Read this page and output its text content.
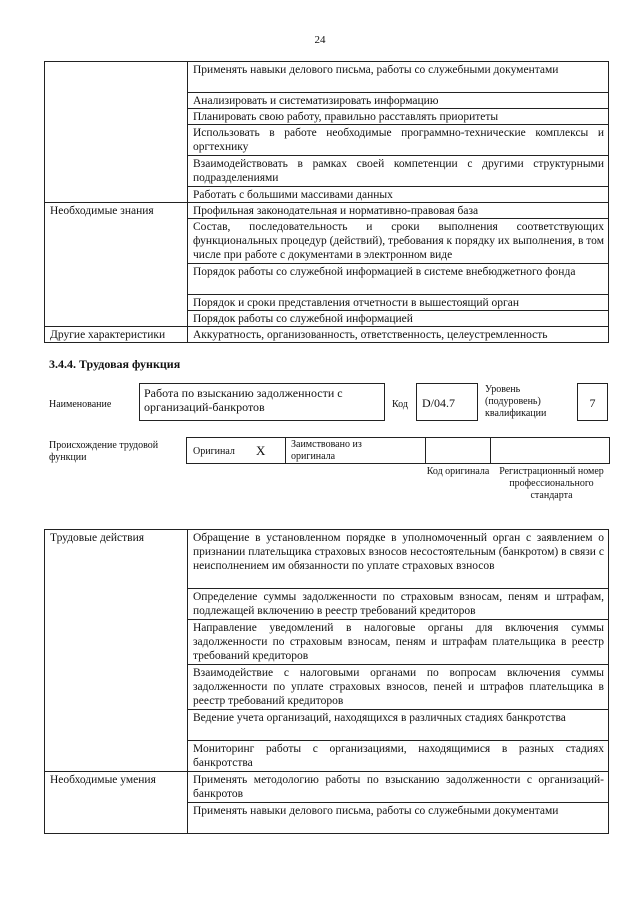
24
	Применять навыки делового письма, работы со служебными документами
	Анализировать и систематизировать информацию
	Планировать свою работу, правильно расставлять приоритеты
	Использовать в работе необходимые программно-технические комплексы и оргтехнику
	Взаимодействовать в рамках своей компетенции с другими структурными подразделениями
	Работать с большими массивами данных
Необходимые знания	Профильная законодательная и нормативно-правовая база
	Состав, последовательность и сроки выполнения соответствующих функциональных процедур (действий), требования к порядку их выполнения, в том числе при работе с документами в электронном виде
	Порядок работы со служебной информацией в системе внебюджетного фонда
	Порядок и сроки представления отчетности в вышестоящий орган
	Порядок работы со служебной информацией
Другие характеристики	Аккуратность, организованность, ответственность, целеустремленность
3.4.4. Трудовая функция
Наименование
Работа по взысканию задолженности с организаций-банкротов	Код	D/04.7
Уровень (подуровень) квалификации
7
Происхождение трудовой функции
Оригинал X	Заимствовано из оригинала
Код оригинала Регистрационный номер профессионального стандарта
Трудовые действия	Обращение в установленном порядке в уполномоченный орган с заявлением о признании плательщика страховых взносов несостоятельным (банкротом) в связи с неисполнением им обязанности по уплате страховых взносов
	Определение суммы задолженности по страховым взносам, пеням и штрафам, подлежащей включению в реестр требований кредиторов
	Направление уведомлений в налоговые органы для включения суммы задолженности по страховым взносам, пеням и штрафам плательщика в реестр требований кредиторов
	Взаимодействие с налоговыми органами по вопросам включения суммы задолженности по уплате страховых взносов, пеней и штрафов плательщика в реестр требований кредиторов
	Ведение учета организаций, находящихся в различных стадиях банкротства
	Мониторинг работы с организациями, находящимися в разных стадиях банкротства
Необходимые умения	Применять методологию работы по взысканию задолженности с организаций-банкротов
	Применять навыки делового письма, работы со служебными документами
